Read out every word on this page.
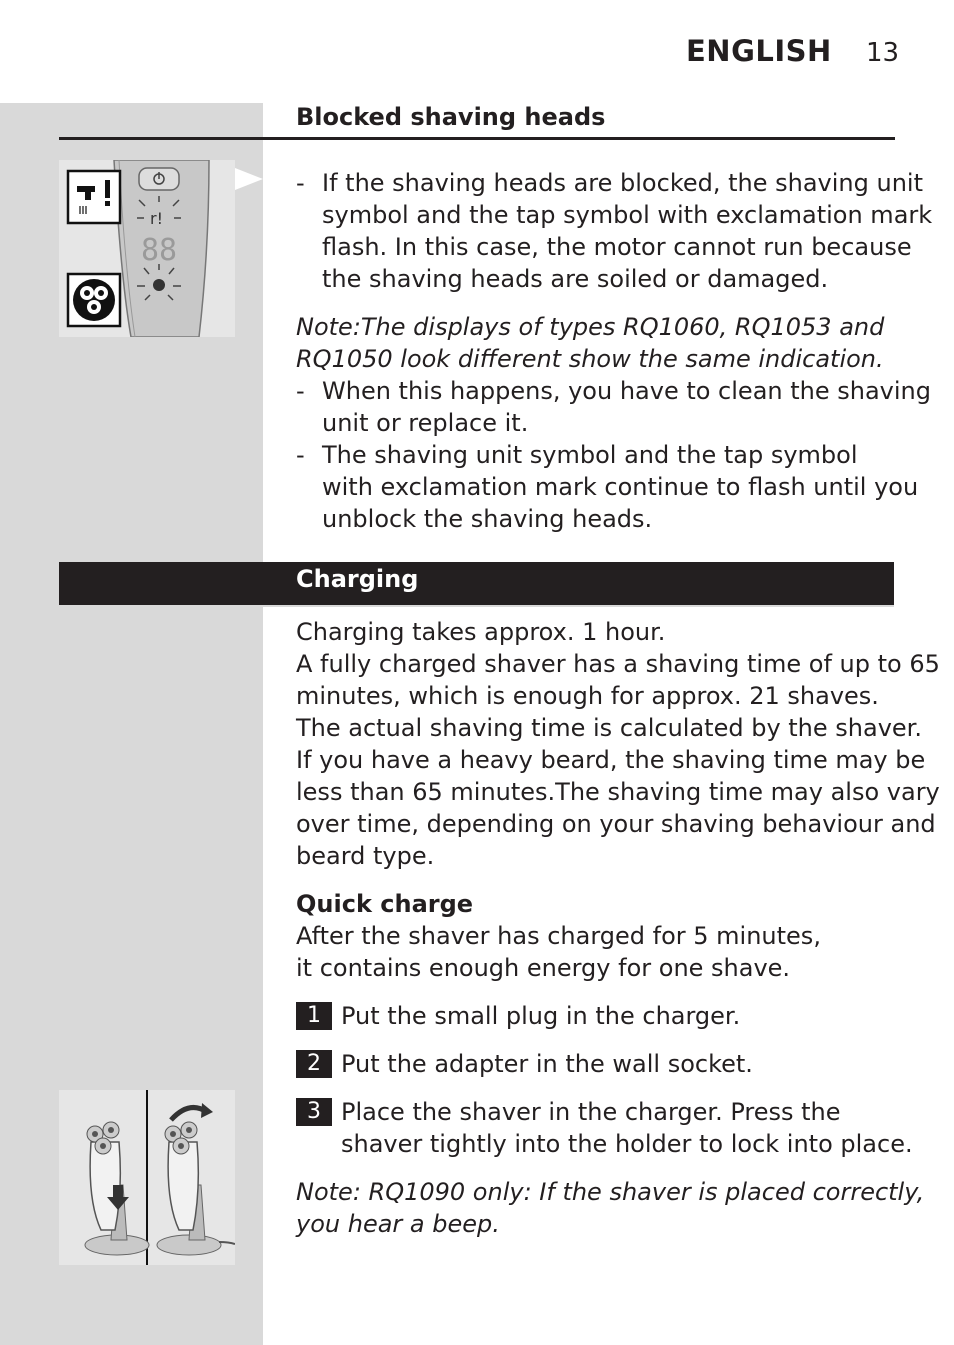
ENGLISH 13
Blocked shaving heads
r!
88
- If the shaving heads are blocked, the shaving unit
symbol and the tap symbol with exclamation mark
flash. In this case, the motor cannot run because
the shaving heads are soiled or damaged.
Note:The displays of types RQ1060, RQ1053 and
RQ1050 look different show the same indication.
- When this happens, you have to clean the shaving
unit or replace it.
- The shaving unit symbol and the tap symbol
with exclamation mark continue to flash until you
unblock the shaving heads.
Charging
Charging takes approx. 1 hour.
A fully charged shaver has a shaving time of up to 65
minutes, which is enough for approx. 21 shaves.
The actual shaving time is calculated by the shaver.
If you have a heavy beard, the shaving time may be
less than 65 minutes.The shaving time may also vary
over time, depending on your shaving behaviour and
beard type.
Quick charge
After the shaver has charged for 5 minutes,
it contains enough energy for one shave.
1 Put the small plug in the charger.
2 Put the adapter in the wall socket.
3 Place the shaver in the charger. Press the
shaver tightly into the holder to lock into place.
Note: RQ1090 only: If the shaver is placed correctly,
you hear a beep.
